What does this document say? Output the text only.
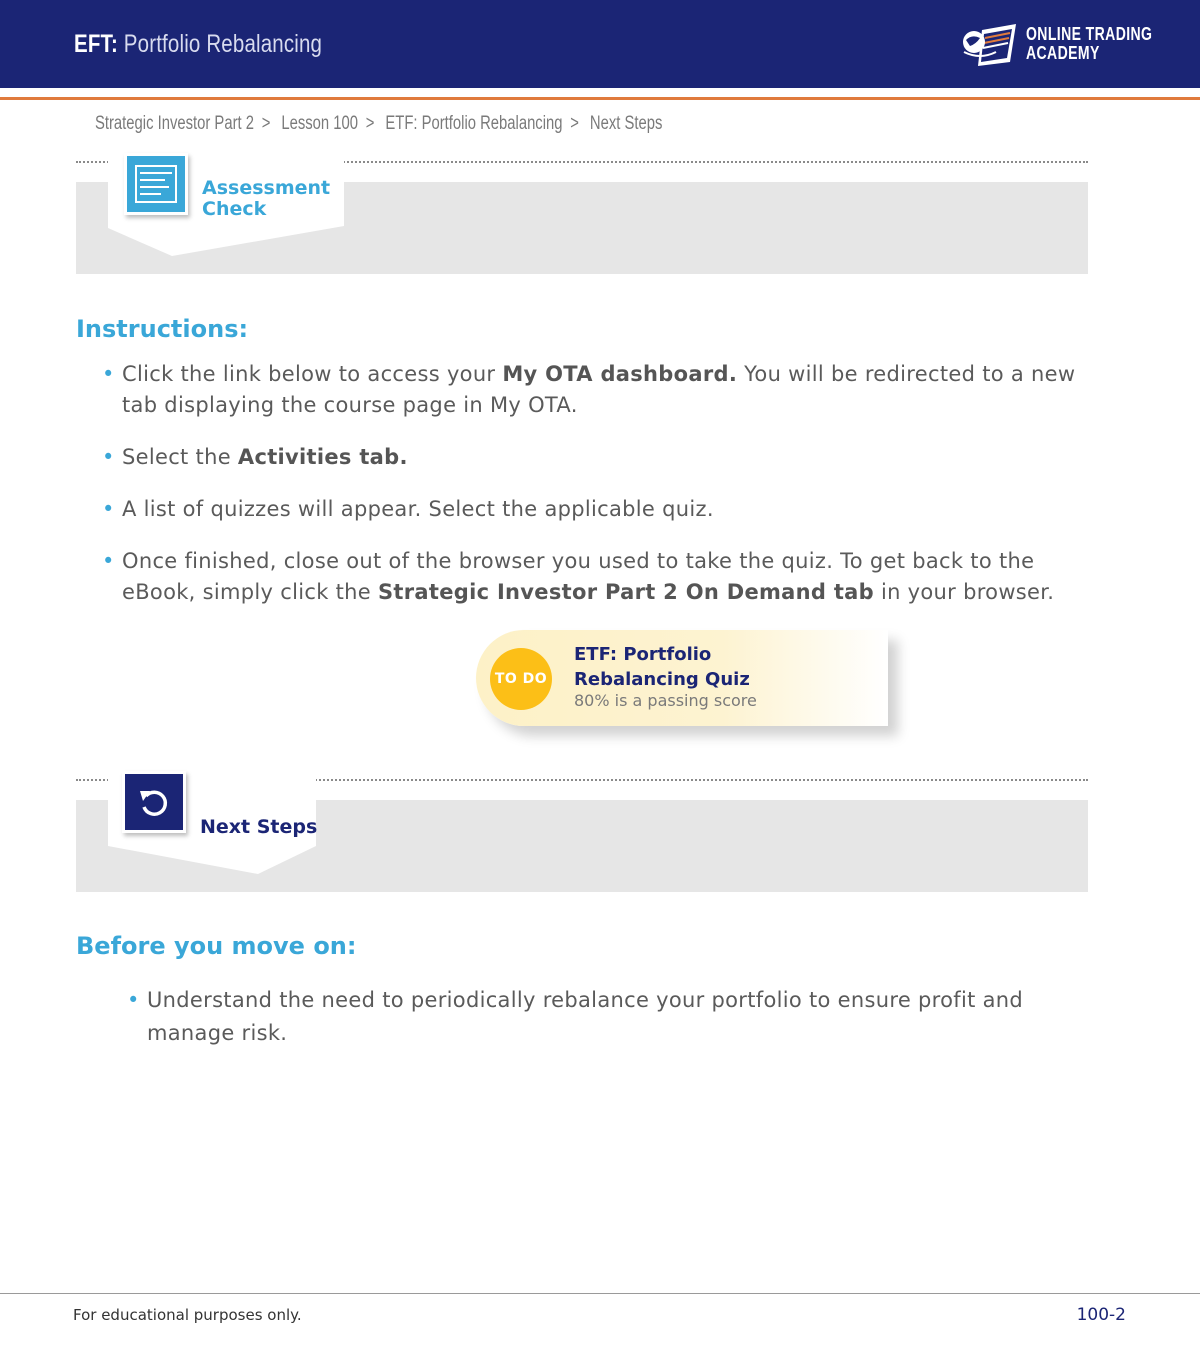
EFT: Portfolio Rebalancing	ONLINE TRADING
ACADEMY
Strategic Investor Part 2 > Lesson 100 > ETF: Portfolio Rebalancing > Next Steps
Assessment
Check
Instructions:
• Click the link below to access your My OTA dashboard. You will be redirected to a new tab displaying the course page in My OTA.
• Select the Activities tab.
• A list of quizzes will appear. Select the applicable quiz.
• Once finished, close out of the browser you used to take the quiz. To get back to the eBook, simply click the Strategic Investor Part 2 On Demand tab in your browser.
TO DO
ETF: Portfolio Rebalancing Quiz
80% is a passing score
Next Steps
Before you move on:
• Understand the need to periodically rebalance your portfolio to ensure profit and manage risk.
For educational purposes only.	100-2
